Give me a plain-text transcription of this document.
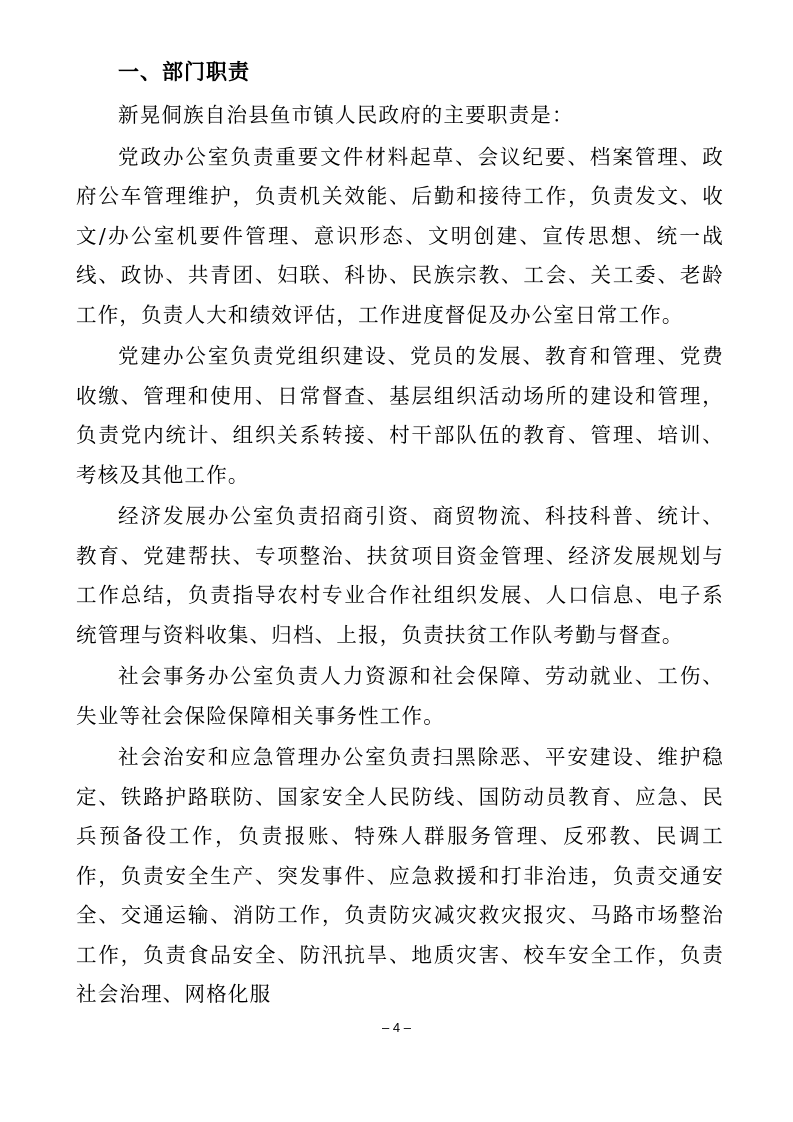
一、部门职责

新晃侗族自治县鱼市镇人民政府的主要职责是：

党政办公室负责重要文件材料起草、会议纪要、档案管理、政府公车管理维护，负责机关效能、后勤和接待工作，负责发文、收文/办公室机要件管理、意识形态、文明创建、宣传思想、统一战线、政协、共青团、妇联、科协、民族宗教、工会、关工委、老龄工作，负责人大和绩效评估，工作进度督促及办公室日常工作。

党建办公室负责党组织建设、党员的发展、教育和管理、党费收缴、管理和使用、日常督查、基层组织活动场所的建设和管理，负责党内统计、组织关系转接、村干部队伍的教育、管理、培训、考核及其他工作。

经济发展办公室负责招商引资、商贸物流、科技科普、统计、教育、党建帮扶、专项整治、扶贫项目资金管理、经济发展规划与工作总结，负责指导农村专业合作社组织发展、人口信息、电子系统管理与资料收集、归档、上报，负责扶贫工作队考勤与督查。

社会事务办公室负责人力资源和社会保障、劳动就业、工伤、失业等社会保险保障相关事务性工作。

社会治安和应急管理办公室负责扫黑除恶、平安建设、维护稳定、铁路护路联防、国家安全人民防线、国防动员教育、应急、民兵预备役工作，负责报账、特殊人群服务管理、反邪教、民调工作，负责安全生产、突发事件、应急救援和打非治违，负责交通安全、交通运输、消防工作，负责防灾减灾救灾报灾、马路市场整治工作，负责食品安全、防汛抗旱、地质灾害、校车安全工作，负责社会治理、网格化服

– 4 –
